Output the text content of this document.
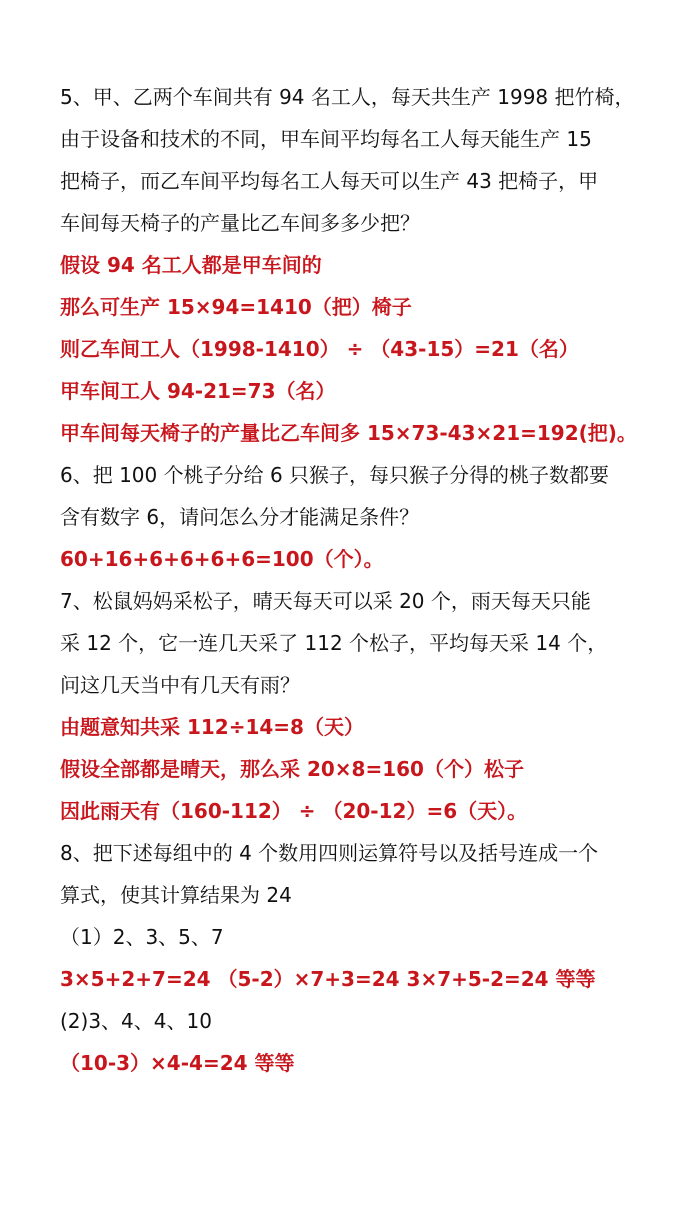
5、甲、乙两个车间共有 94 名工人，每天共生产 1998 把竹椅，
由于设备和技术的不同，甲车间平均每名工人每天能生产 15
把椅子，而乙车间平均每名工人每天可以生产 43 把椅子，甲
车间每天椅子的产量比乙车间多多少把？
假设 94 名工人都是甲车间的
那么可生产 15×94=1410（把）椅子
则乙车间工人（1998-1410） ÷ （43-15）=21（名）
甲车间工人 94-21=73（名）
甲车间每天椅子的产量比乙车间多 15×73-43×21=192(把)。
6、把 100 个桃子分给 6 只猴子，每只猴子分得的桃子数都要
含有数字 6，请问怎么分才能满足条件？
60+16+6+6+6+6=100（个）。
7、松鼠妈妈采松子，晴天每天可以采 20 个，雨天每天只能
采 12 个，它一连几天采了 112 个松子，平均每天采 14 个，
问这几天当中有几天有雨？
由题意知共采 112÷14=8（天）
假设全部都是晴天，那么采 20×8=160（个）松子
因此雨天有（160-112） ÷ （20-12）=6（天）。
8、把下述每组中的 4 个数用四则运算符号以及括号连成一个
算式，使其计算结果为 24
（1）2、3、5、7
3×5+2+7=24 （5-2）×7+3=24 3×7+5-2=24 等等
(2)3、4、4、10
（10-3）×4-4=24 等等
